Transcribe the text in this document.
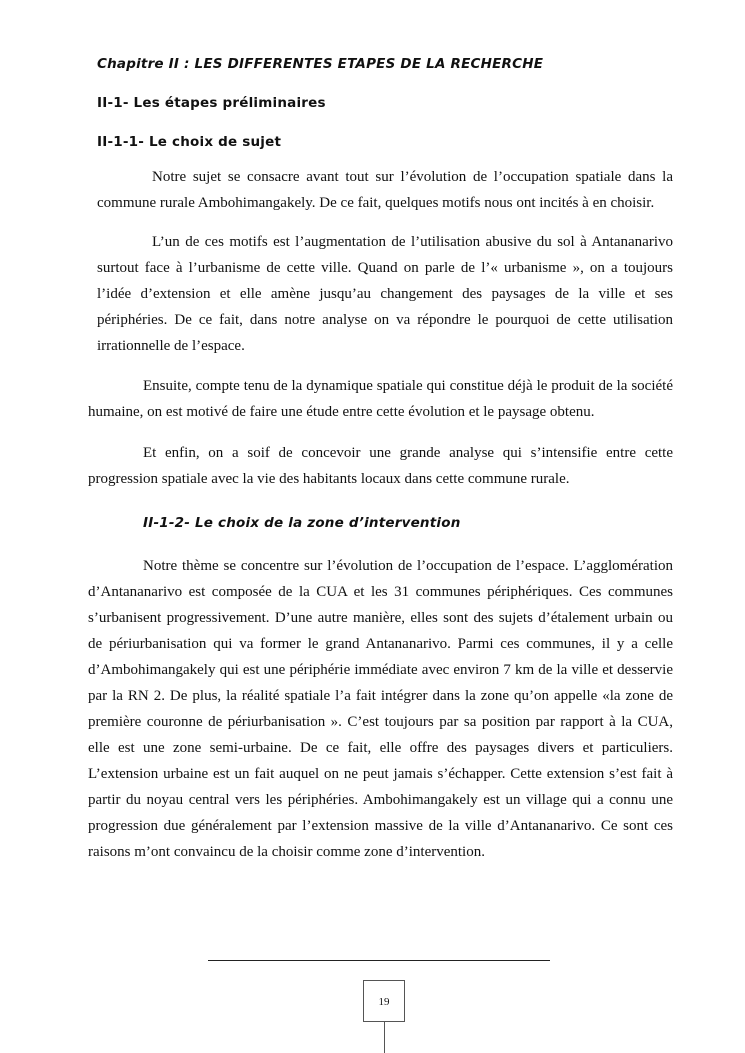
Chapitre II : LES DIFFERENTES ETAPES DE LA RECHERCHE
II-1- Les étapes préliminaires
II-1-1- Le choix de sujet

Notre sujet se consacre avant tout sur l’évolution de l’occupation spatiale dans la commune rurale Ambohimangakely. De ce fait, quelques motifs nous ont incités à en choisir.

L’un de ces motifs est l’augmentation de l’utilisation abusive du sol à Antananarivo surtout face à l’urbanisme de cette ville. Quand on parle de l’« urbanisme », on a toujours l’idée d’extension et elle amène jusqu’au changement des paysages de la ville et ses périphéries. De ce fait, dans notre analyse on va répondre le pourquoi de cette utilisation irrationnelle de l’espace.

Ensuite, compte tenu de la dynamique spatiale qui constitue déjà le produit de la société humaine, on est motivé de faire une étude entre cette évolution et le paysage obtenu.

Et enfin, on a soif de concevoir une grande analyse qui s’intensifie entre cette progression spatiale avec la vie des habitants locaux dans cette commune rurale.

II-1-2- Le choix de la zone d’intervention

Notre thème se concentre sur l’évolution de l’occupation de l’espace. L’agglomération d’Antananarivo est composée de la CUA et les 31 communes périphériques. Ces communes s’urbanisent progressivement. D’une autre manière, elles sont des sujets d’étalement urbain ou de périurbanisation qui va former le grand Antananarivo. Parmi ces communes, il y a celle d’Ambohimangakely qui est une périphérie immédiate avec environ 7 km de la ville et desservie par la RN 2. De plus, la réalité spatiale l’a fait intégrer dans la zone qu’on appelle «la zone de première couronne de périurbanisation ». C’est toujours par sa position par rapport à la CUA, elle est une zone semi-urbaine. De ce fait, elle offre des paysages divers et particuliers. L’extension urbaine est un fait auquel on ne peut jamais s’échapper. Cette extension s’est fait à partir du noyau central vers les périphéries. Ambohimangakely est un village qui a connu une progression due généralement par l’extension massive de la ville d’Antananarivo. Ce sont ces raisons m’ont convaincu de la choisir comme zone d’intervention.

19
